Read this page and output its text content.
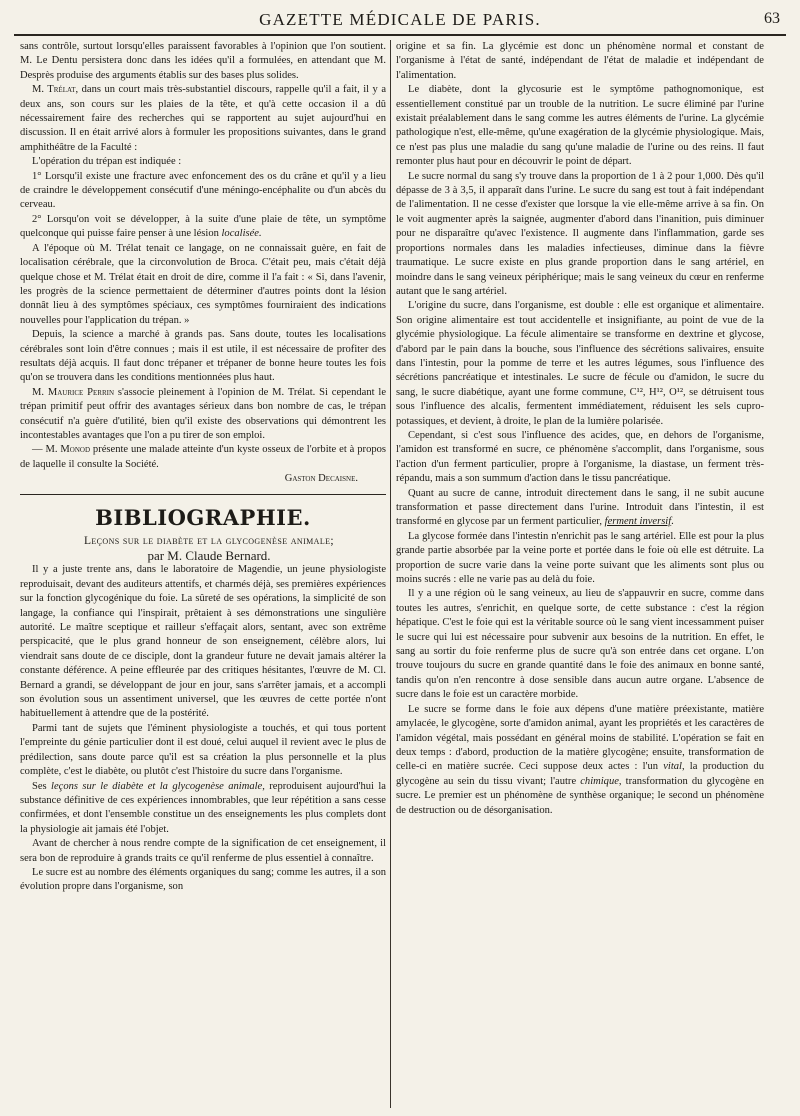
GAZETTE MÉDICALE DE PARIS.	63

sans contrôle, surtout lorsqu'elles paraissent favorables à l'opinion que l'on soutient. M. Le Dentu persistera donc dans les idées qu'il a formulées, en attendant que M. Desprès produise des arguments établis sur des bases plus solides.

M. Trélat, dans un court mais très-substantiel discours, rappelle qu'il a fait, il y a deux ans, son cours sur les plaies de la tête, et qu'à cette occasion il a dû nécessairement faire des recherches qui se rapportent au sujet aujourd'hui en discussion. Il en était arrivé alors à formuler les propositions suivantes, dans le grand amphithéâtre de la Faculté :

L'opération du trépan est indiquée :

1° Lorsqu'il existe une fracture avec enfoncement des os du crâne et qu'il y a lieu de craindre le développement consécutif d'une méningo-encéphalite ou d'un abcès du cerveau.

2° Lorsqu'on voit se développer, à la suite d'une plaie de tête, un symptôme quelconque qui puisse faire penser à une lésion localisée.

A l'époque où M. Trélat tenait ce langage, on ne connaissait guère, en fait de localisation cérébrale, que la circonvolution de Broca. C'était peu, mais c'était déjà quelque chose et M. Trélat était en droit de dire, comme il l'a fait : « Si, dans l'avenir, les progrès de la science permettaient de déterminer d'autres points dont la lésion donnât lieu à des symptômes spéciaux, ces symptômes fourniraient des indications nouvelles pour l'application du trépan. »

Depuis, la science a marché à grands pas. Sans doute, toutes les localisations cérébrales sont loin d'être connues ; mais il est utile, il est nécessaire de profiter des resultats déjà acquis. Il faut donc trépaner et trépaner de bonne heure toutes les fois qu'on se trouvera dans les conditions mentionnées plus haut.

M. Maurice Perrin s'associe pleinement à l'opinion de M. Trélat. Si cependant le trépan primitif peut offrir des avantages sérieux dans bon nombre de cas, le trépan consécutif n'a guère d'utilité, bien qu'il existe des observations qui démontrent les incontestables avantages que l'on a pu tirer de son emploi.

— M. Monod présente une malade atteinte d'un kyste osseux de l'orbite et à propos de laquelle il consulte la Société.

Gaston Decaisne.

BIBLIOGRAPHIE.

Leçons sur le diabète et la glycogenèse animale;

par M. Claude Bernard.

Il y a juste trente ans, dans le laboratoire de Magendie, un jeune physiologiste reproduisait, devant des auditeurs attentifs, et charmés déjà, ses premières expériences sur la fonction glycogénique du foie. La sûreté de ses opérations, la simplicité de son langage, la confiance qui l'inspirait, prêtaient à ses démonstrations une singulière autorité. Le maître sceptique et railleur s'effaçait alors, sentant, avec son extrême perspicacité, que le plus grand honneur de son enseignement, célèbre alors, lui viendrait sans doute de ce disciple, dont la grandeur future ne devait jamais altérer la constante déférence. A peine effleurée par des critiques hésitantes, l'œuvre de M. Cl. Bernard a grandi, se développant de jour en jour, sans s'arrêter jamais, et a accompli son évolution sous un assentiment universel, que les œuvres de cette portée n'ont habituellement à attendre que de la postérité.

Parmi tant de sujets que l'éminent physiologiste a touchés, et qui tous portent l'empreinte du génie particulier dont il est doué, celui auquel il revient avec le plus de prédilection, sans doute parce qu'il est sa création la plus personnelle et la plus complète, c'est le diabète, ou plutôt c'est l'histoire du sucre dans l'organisme.

Ses leçons sur le diabète et la glycogenèse animale, reproduisent aujourd'hui la substance définitive de ces expériences innombrables, que leur répétition a sans cesse confirmées, et dont l'ensemble constitue un des enseignements les plus complets dont la physiologie ait jamais été l'objet.

Avant de chercher à nous rendre compte de la signification de cet enseignement, il sera bon de reproduire à grands traits ce qu'il renferme de plus essentiel à connaître.

Le sucre est au nombre des éléments organiques du sang; comme les autres, il a son évolution propre dans l'organisme, son

origine et sa fin. La glycémie est donc un phénomène normal et constant de l'organisme à l'état de santé, indépendant de l'état de maladie et indépendant de l'alimentation.

Le diabète, dont la glycosurie est le symptôme pathognomonique, est essentiellement constitué par un trouble de la nutrition. Le sucre éliminé par l'urine existait préalablement dans le sang comme les autres éléments de l'urine. La glycémie pathologique n'est, elle-même, qu'une exagération de la glycémie physiologique. Mais, ce n'est pas plus une maladie du sang qu'une maladie de l'urine ou des reins. Il faut remonter plus haut pour en découvrir le point de départ.

Le sucre normal du sang s'y trouve dans la proportion de 1 à 2 pour 1,000. Dès qu'il dépasse de 3 à 3,5, il apparaît dans l'urine. Le sucre du sang est tout à fait indépendant de l'alimentation. Il ne cesse d'exister que lorsque la vie elle-même arrive à sa fin. On le voit augmenter après la saignée, augmenter d'abord dans l'inanition, puis diminuer pour ne disparaître qu'avec l'existence. Il augmente dans l'inflammation, garde ses proportions normales dans les maladies infectieuses, diminue dans la fièvre traumatique. Le sucre existe en plus grande proportion dans le sang artériel, en moindre dans le sang veineux périphérique; mais le sang veineux du cœur en renferme autant que le sang artériel.

L'origine du sucre, dans l'organisme, est double : elle est organique et alimentaire. Son origine alimentaire est tout accidentelle et insignifiante, au point de vue de la glycémie physiologique. La fécule alimentaire se transforme en dextrine et glycose, d'abord par le pain dans la bouche, sous l'influence des sécrétions salivaires, ensuite dans l'intestin, pour la pomme de terre et les autres légumes, sous l'influence des sécrétions pancréatique et intestinales. Le sucre de fécule ou d'amidon, le sucre du sang, le sucre diabétique, ayant une forme commune, C¹², H¹², O¹², se détruisent tous sous l'influence des alcalis, fermentent immédiatement, réduisent les sels cupro-potassiques, et devient, à droite, le plan de la lumière polarisée.

Cependant, si c'est sous l'influence des acides, que, en dehors de l'organisme, l'amidon est transformé en sucre, ce phénomène s'accomplit, dans l'organisme, sous l'action d'un ferment particulier, propre à l'organisme, la diastase, un ferment très-répandu, mais a son summum d'action dans le tissu pancréatique.

Quant au sucre de canne, introduit directement dans le sang, il ne subit aucune transformation et passe directement dans l'urine. Introduit dans l'intestin, il est transformé en glycose par un ferment particulier, ferment inversif.

La glycose formée dans l'intestin n'enrichit pas le sang artériel. Elle est pour la plus grande partie absorbée par la veine porte et portée dans le foie où elle est détruite. La proportion de sucre varie dans la veine porte suivant que les aliments sont plus ou moins sucrés : elle ne varie pas au delà du foie.

Il y a une région où le sang veineux, au lieu de s'appauvrir en sucre, comme dans toutes les autres, s'enrichit, en quelque sorte, de cette substance : c'est la région hépatique. C'est le foie qui est la véritable source où le sang vient incessamment puiser le sucre qui lui est nécessaire pour subvenir aux besoins de la nutrition. En effet, le sang au sortir du foie renferme plus de sucre qu'à son entrée dans cet organe. L'on trouve toujours du sucre en grande quantité dans le foie des animaux en bonne santé, tandis qu'on n'en rencontre à dose sensible dans aucun autre organe. L'absence de sucre dans le foie est un caractère morbide.

Le sucre se forme dans le foie aux dépens d'une matière préexistante, matière amylacée, le glycogène, sorte d'amidon animal, ayant les propriétés et les caractères de l'amidon végétal, mais possédant en général moins de stabilité. L'opération se fait en deux temps : d'abord, production de la matière glycogène; ensuite, transformation de celle-ci en matière sucrée. Ceci suppose deux actes : l'un vital, la production du glycogène au sein du tissu vivant; l'autre chimique, transformation du glycogène en sucre. Le premier est un phénomène de synthèse organique; le second un phénomène de destruction ou de désorganisation.
